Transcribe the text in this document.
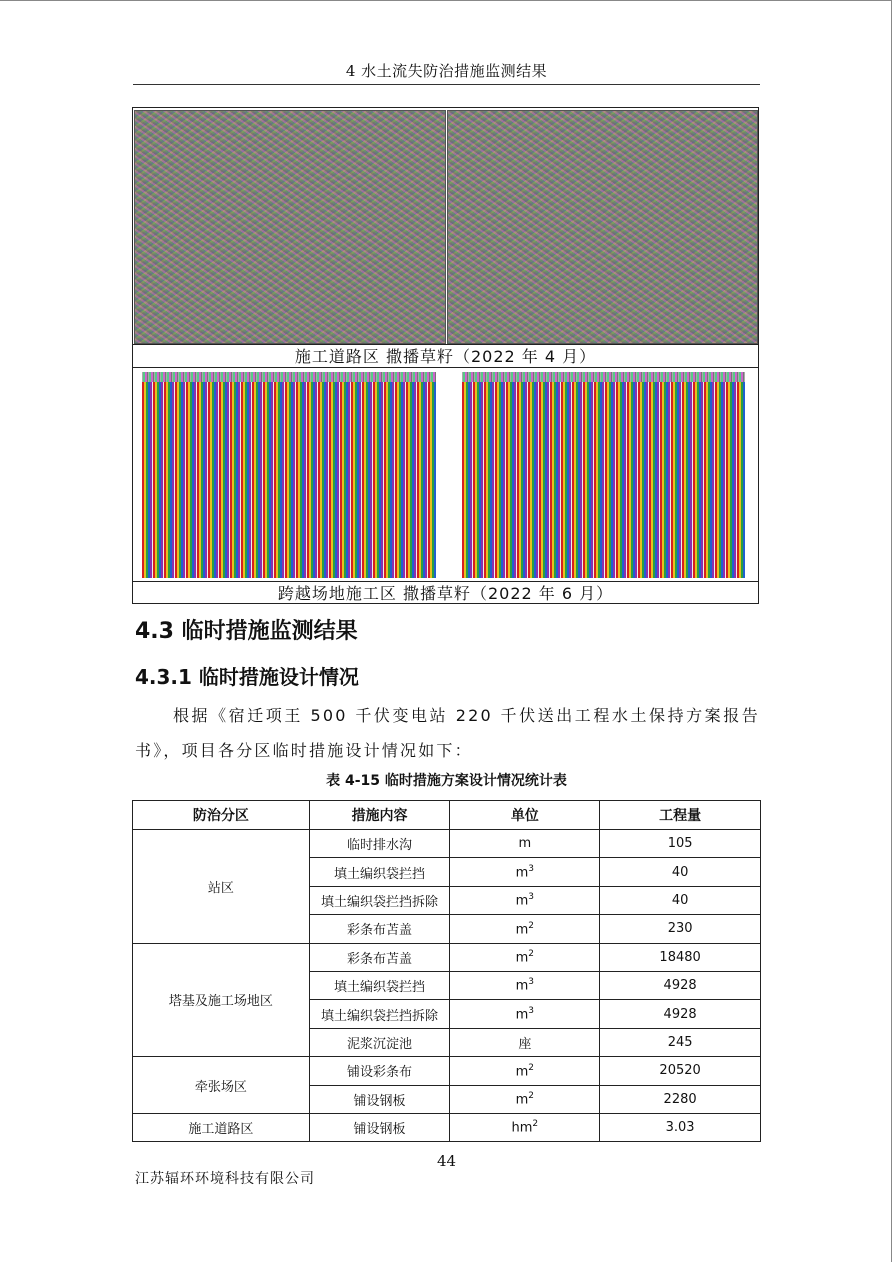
4 水土流失防治措施监测结果
施工道路区 撒播草籽（2022 年 4 月）
跨越场地施工区 撒播草籽（2022 年 6 月）
4.3 临时措施监测结果
4.3.1 临时措施设计情况
根据《宿迁项王 500 千伏变电站 220 千伏送出工程水土保持方案报告书》，项目各分区临时措施设计情况如下：
表 4-15 临时措施方案设计情况统计表
防治分区	措施内容	单位	工程量
站区	临时排水沟	m	105
	填土编织袋拦挡	$m^3$	40
	填土编织袋拦挡拆除	$m^3$	40
	彩条布苫盖	$m^2$	230
塔基及施工场地区	彩条布苫盖	$m^2$	18480
	填土编织袋拦挡	$m^3$	4928
	填土编织袋拦挡拆除	$m^3$	4928
	泥浆沉淀池	座	245
牵张场区	铺设彩条布	$m^2$	20520
	铺设钢板	$m^2$	2280
施工道路区	铺设钢板	$hm^2$	3.03
44
江苏辐环环境科技有限公司
